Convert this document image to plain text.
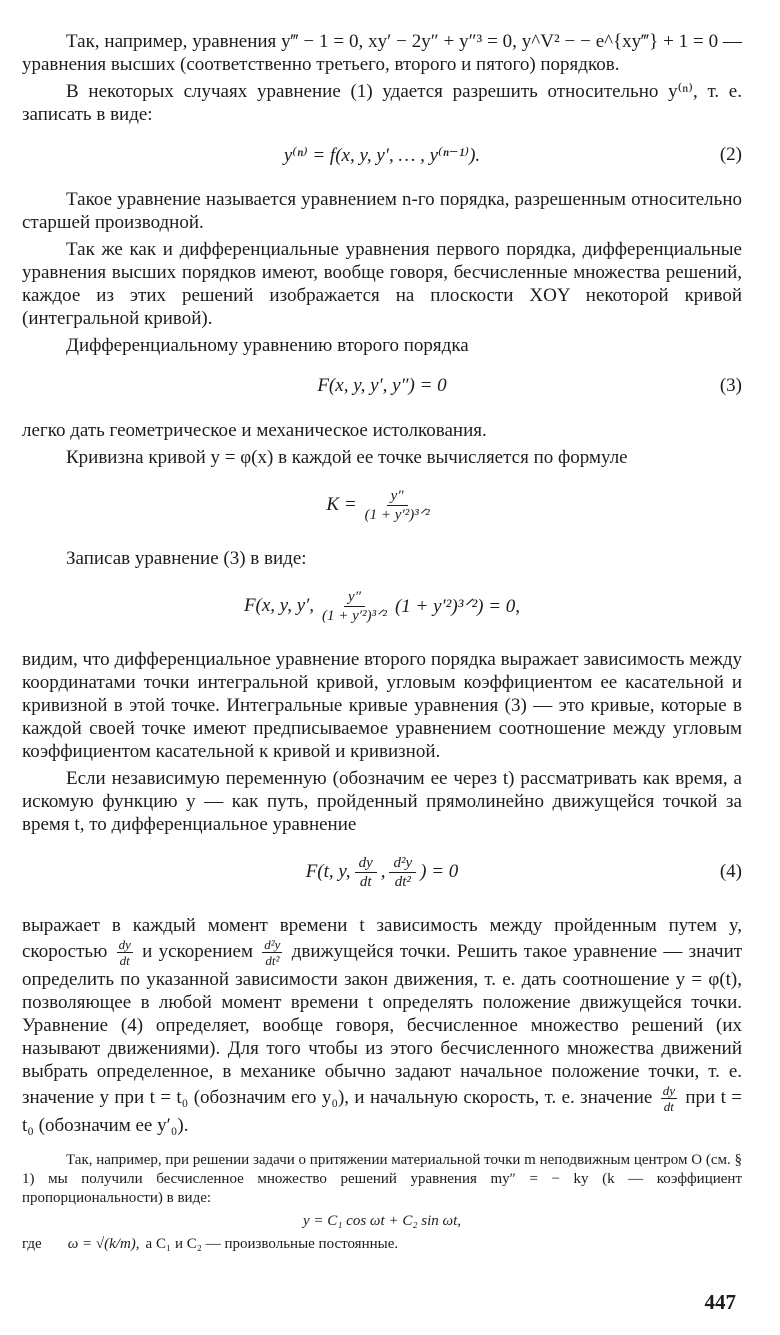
Так, например, уравнения y‴ − 1 = 0, xy′ − 2y″ + y″³ = 0, y^V² − − e^{xy‴} + 1 = 0 — уравнения высших (соответственно третьего, второго и пятого) порядков.

В некоторых случаях уравнение (1) удается разрешить относительно y⁽ⁿ⁾, т. е. записать в виде:

y⁽ⁿ⁾ = f(x, y, y′, … , y⁽ⁿ⁻¹⁾).	(2)

Такое уравнение называется уравнением n-го порядка, разрешенным относительно старшей производной.

Так же как и дифференциальные уравнения первого порядка, дифференциальные уравнения высших порядков имеют, вообще говоря, бесчисленные множества решений, каждое из этих решений изображается на плоскости XOY некоторой кривой (интегральной кривой).

Дифференциальному уравнению второго порядка

F(x, y, y′, y″) = 0	(3)

легко дать геометрическое и механическое истолкования.

Кривизна кривой y = φ(x) в каждой ее точке вычисляется по формуле

$K = \frac{y''}{\text{(1 + y′²)³ᐟ²}}$

Записав уравнение (3) в виде:

F(x, y, y′, $\frac{y''}{\text{(1 + y′²)³ᐟ²}} (1$ + y′²)³ᐟ²) = 0,

видим, что дифференциальное уравнение второго порядка выражает зависимость между координатами точки интегральной кривой, угловым коэффициентом ее касательной и кривизной в этой точке. Интегральные кривые уравнения (3) — это кривые, которые в каждой своей точке имеют предписываемое уравнением соотношение между угловым коэффициентом касательной к кривой и кривизной.

Если независимую переменную (обозначим ее через t) рассматривать как время, а искомую функцию y — как путь, пройденный прямолинейно движущейся точкой за время t, то дифференциальное уравнение

F(t, y, $\frac{dy}{dt}$ , $\frac{\text{d²y}}{\text{dt²}}$ ) = 0	(4)

выражает в каждый момент времени t зависимость между пройденным путем y, скоростью $\frac{dy}{dt}$ и ускорением $\frac{\text{d²y}}{\text{dt²}}$ движущейся точки. Решить такое уравнение — значит определить по указанной зависимости закон движения, т. е. дать соотношение y = φ(t), позволяющее в любой момент времени t определять положение движущейся точки. Уравнение (4) определяет, вообще говоря, бесчисленное множество решений (их называют движениями). Для того чтобы из этого бесчисленного множества движений выбрать определенное, в механике обычно задают начальное положение точки, т. е. значение y при t = t₀ (обозначим его y₀), и начальную скорость, т. е. значение $\frac{dy}{dt}$ при t = t₀ (обозначим ее y′₀).

Так, например, при решении задачи о притяжении материальной точки m неподвижным центром O (см. § 1) мы получили бесчисленное множество решений уравнения my″ = − ky (k — коэффициент пропорциональности) в виде:

y = C₁ cos ωt + C₂ sin ωt,
где ω = √(k/m), а C₁ и C₂ — произвольные постоянные.
447
